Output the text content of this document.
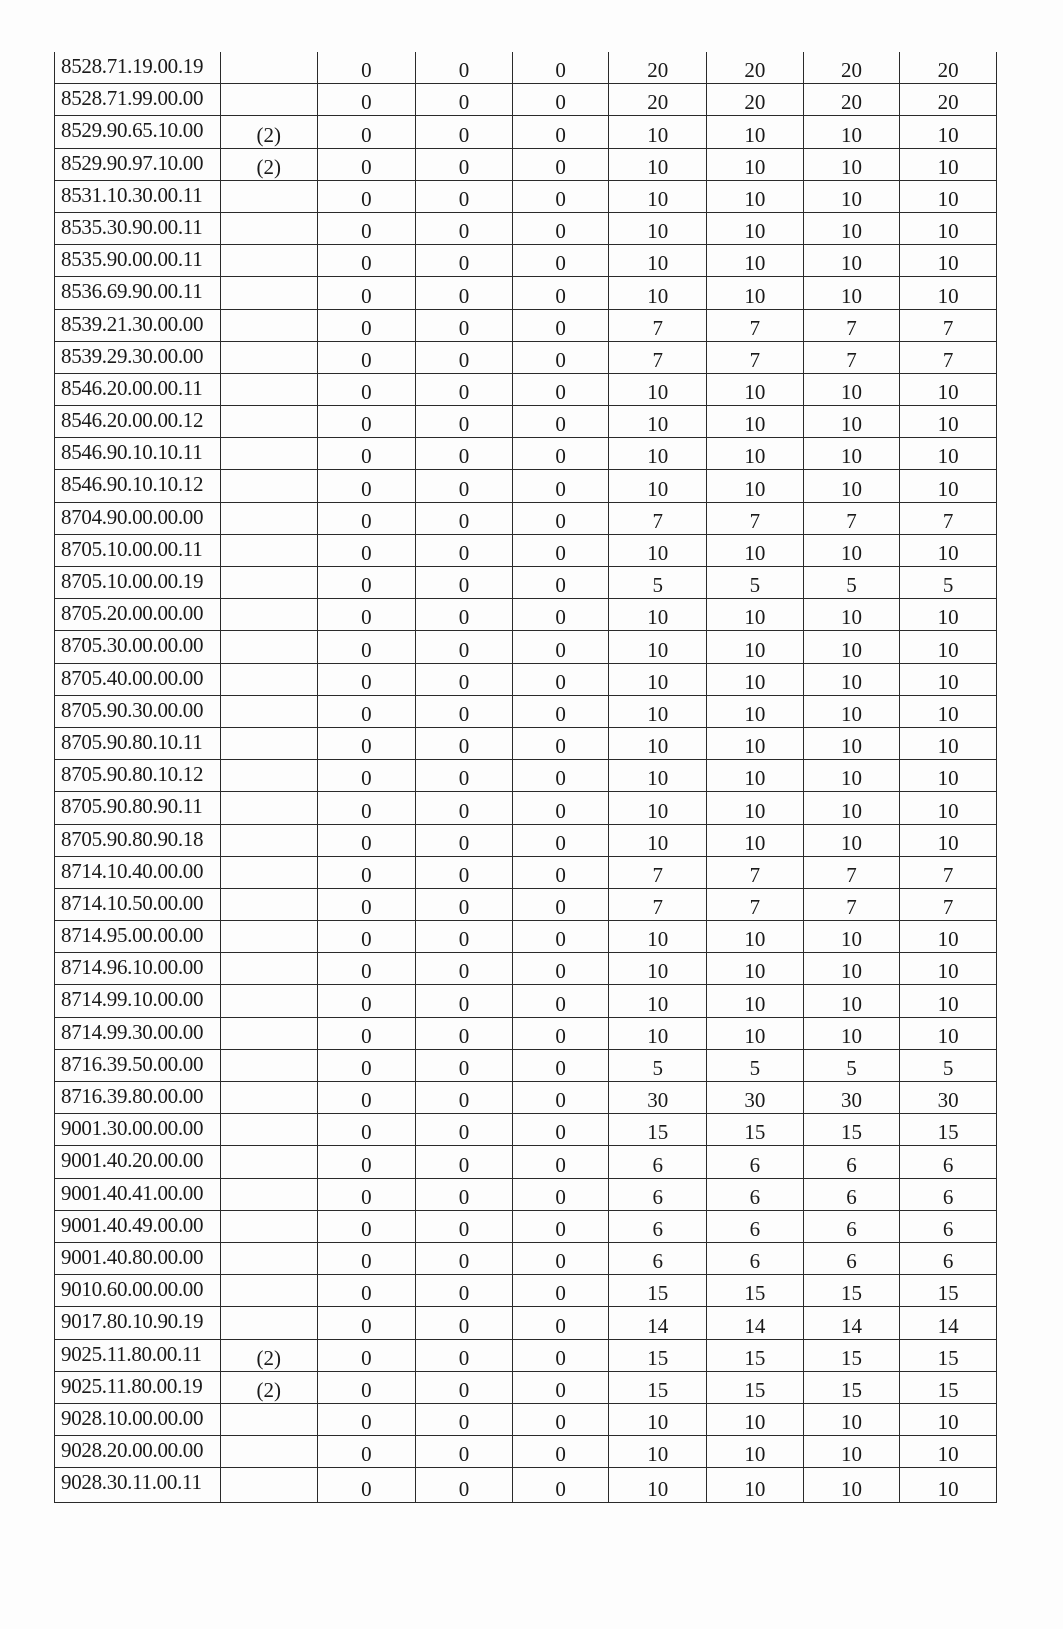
8528.71.19.00.19		0	0	0	20	20	20	20
8528.71.99.00.00		0	0	0	20	20	20	20
8529.90.65.10.00	(2)	0	0	0	10	10	10	10
8529.90.97.10.00	(2)	0	0	0	10	10	10	10
8531.10.30.00.11		0	0	0	10	10	10	10
8535.30.90.00.11		0	0	0	10	10	10	10
8535.90.00.00.11		0	0	0	10	10	10	10
8536.69.90.00.11		0	0	0	10	10	10	10
8539.21.30.00.00		0	0	0	7	7	7	7
8539.29.30.00.00		0	0	0	7	7	7	7
8546.20.00.00.11		0	0	0	10	10	10	10
8546.20.00.00.12		0	0	0	10	10	10	10
8546.90.10.10.11		0	0	0	10	10	10	10
8546.90.10.10.12		0	0	0	10	10	10	10
8704.90.00.00.00		0	0	0	7	7	7	7
8705.10.00.00.11		0	0	0	10	10	10	10
8705.10.00.00.19		0	0	0	5	5	5	5
8705.20.00.00.00		0	0	0	10	10	10	10
8705.30.00.00.00		0	0	0	10	10	10	10
8705.40.00.00.00		0	0	0	10	10	10	10
8705.90.30.00.00		0	0	0	10	10	10	10
8705.90.80.10.11		0	0	0	10	10	10	10
8705.90.80.10.12		0	0	0	10	10	10	10
8705.90.80.90.11		0	0	0	10	10	10	10
8705.90.80.90.18		0	0	0	10	10	10	10
8714.10.40.00.00		0	0	0	7	7	7	7
8714.10.50.00.00		0	0	0	7	7	7	7
8714.95.00.00.00		0	0	0	10	10	10	10
8714.96.10.00.00		0	0	0	10	10	10	10
8714.99.10.00.00		0	0	0	10	10	10	10
8714.99.30.00.00		0	0	0	10	10	10	10
8716.39.50.00.00		0	0	0	5	5	5	5
8716.39.80.00.00		0	0	0	30	30	30	30
9001.30.00.00.00		0	0	0	15	15	15	15
9001.40.20.00.00		0	0	0	6	6	6	6
9001.40.41.00.00		0	0	0	6	6	6	6
9001.40.49.00.00		0	0	0	6	6	6	6
9001.40.80.00.00		0	0	0	6	6	6	6
9010.60.00.00.00		0	0	0	15	15	15	15
9017.80.10.90.19		0	0	0	14	14	14	14
9025.11.80.00.11	(2)	0	0	0	15	15	15	15
9025.11.80.00.19	(2)	0	0	0	15	15	15	15
9028.10.00.00.00		0	0	0	10	10	10	10
9028.20.00.00.00		0	0	0	10	10	10	10
9028.30.11.00.11		0	0	0	10	10	10	10
